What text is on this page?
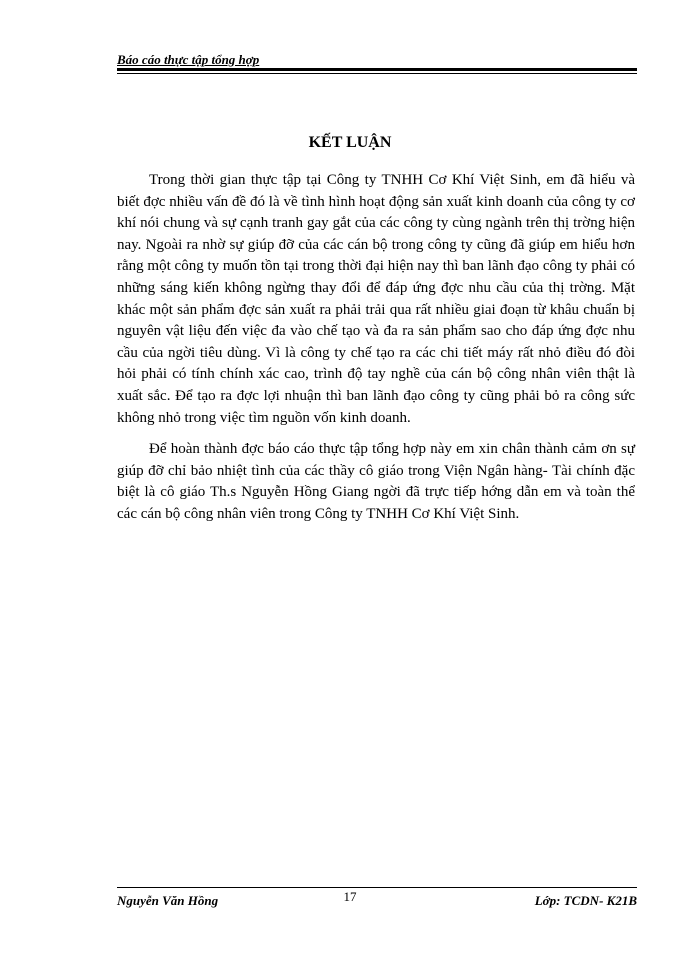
Báo cáo thực tập tổng hợp
KẾT LUẬN

Trong thời gian thực tập tại Công ty TNHH Cơ Khí Việt Sinh, em đã hiểu và biết đợc nhiều vấn đề đó là về tình hình hoạt động sản xuất kinh doanh của công ty cơ khí nói chung và sự cạnh tranh gay gắt của các công ty cùng ngành trên thị trờng hiện nay. Ngoài ra nhờ sự giúp đỡ của các cán bộ trong công ty cũng đã giúp em hiểu hơn rằng một công ty muốn tồn tại trong thời đại hiện nay thì ban lãnh đạo công ty phải có những sáng kiến không ngừng thay đổi để đáp ứng đợc nhu cầu của thị trờng. Mặt khác một sản phẩm đợc sản xuất ra phải trải qua rất nhiều giai đoạn từ khâu chuẩn bị nguyên vật liệu đến việc đa vào chế tạo và đa ra sản phẩm sao cho đáp ứng đợc nhu cầu của ngời tiêu dùng. Vì là công ty chế tạo ra các chi tiết máy rất nhỏ điều đó đòi hỏi phải có tính chính xác cao, trình độ tay nghề của cán bộ công nhân viên thật là xuất sắc. Để tạo ra đợc lợi nhuận thì ban lãnh đạo công ty cũng phải bỏ ra công sức không nhỏ trong việc tìm nguồn vốn kinh doanh.

Để hoàn thành đợc báo cáo thực tập tổng hợp này em xin chân thành cảm ơn sự giúp đỡ chỉ bảo nhiệt tình của các thầy cô giáo trong Viện Ngân hàng- Tài chính đặc biệt là cô giáo Th.s Nguyễn Hồng Giang ngời đã trực tiếp hớng dẫn em và toàn thể các cán bộ công nhân viên trong Công ty TNHH Cơ Khí Việt Sinh.

Nguyễn Văn Hồng	17	Lớp: TCDN- K21B
